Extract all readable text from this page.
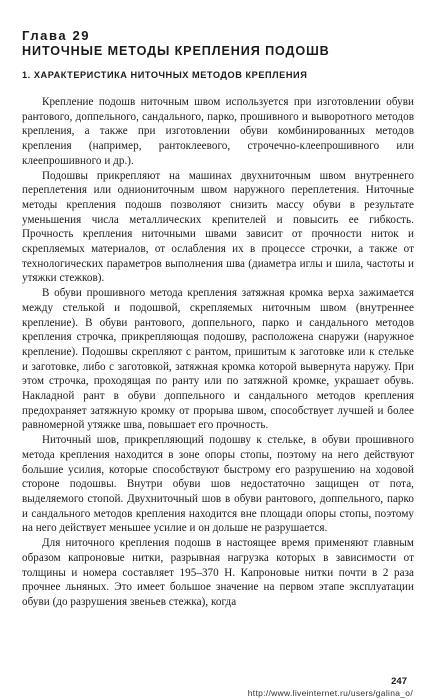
Глава 29
НИТОЧНЫЕ МЕТОДЫ КРЕПЛЕНИЯ ПОДОШВ
1. ХАРАКТЕРИСТИКА НИТОЧНЫХ МЕТОДОВ КРЕПЛЕНИЯ

Крепление подошв ниточным швом используется при изготовлении обуви рантового, доппельного, сандального, парко, прошивного и выворотного методов крепления, а также при изготовлении обуви комбинированных методов крепления (например, рантоклеевого, строчечно-клеепрошивного или клеепрошивного и др.).

Подошвы прикрепляют на машинах двухниточным швом внутреннего переплетения или одниониточным швом наружного переплетения. Ниточные методы крепления подошв позволяют снизить массу обуви в результате уменьшения числа металлических крепителей и повысить ее гибкость. Прочность крепления ниточными швами зависит от прочности ниток и скрепляемых материалов, от ослабления их в процессе строчки, а также от технологических параметров выполнения шва (диаметра иглы и шила, частоты и утяжки стежков).

В обуви прошивного метода крепления затяжная кромка верха зажимается между стелькой и подошвой, скрепляемых ниточным швом (внутреннее крепление). В обуви рантового, доппельного, парко и сандального методов крепления строчка, прикрепляющая подошву, расположена снаружи (наружное крепление). Подошвы скрепляют с рантом, пришитым к заготовке или к стельке и заготовке, либо с заготовкой, затяжная кромка которой вывернута наружу. При этом строчка, проходящая по ранту или по затяжной кромке, украшает обувь. Накладной рант в обуви доппельного и сандального методов крепления предохраняет затяжную кромку от прорыва швом, способствует лучшей и более равномерной утяжке шва, повышает его прочность.

Ниточный шов, прикрепляющий подошву к стельке, в обуви прошивного метода крепления находится в зоне опоры стопы, поэтому на него действуют большие усилия, которые способствуют быстрому его разрушению на ходовой стороне подошвы. Внутри обуви шов недостаточно защищен от пота, выделяемого стопой. Двухниточный шов в обуви рантового, доппельного, парко и сандального методов крепления находится вне площади опоры стопы, поэтому на него действует меньшее усилие и он дольше не разрушается.

Для ниточного крепления подошв в настоящее время применяют главным образом капроновые нитки, разрывная нагрузка которых в зависимости от толщины и номера составляет 195–370 Н. Капроновые нитки почти в 2 раза прочнее льняных. Это имеет большое значение на первом этапе эксплуатации обуви (до разрушения звеньев стежка), когда

247
http://www.liveinternet.ru/users/galina_o/
